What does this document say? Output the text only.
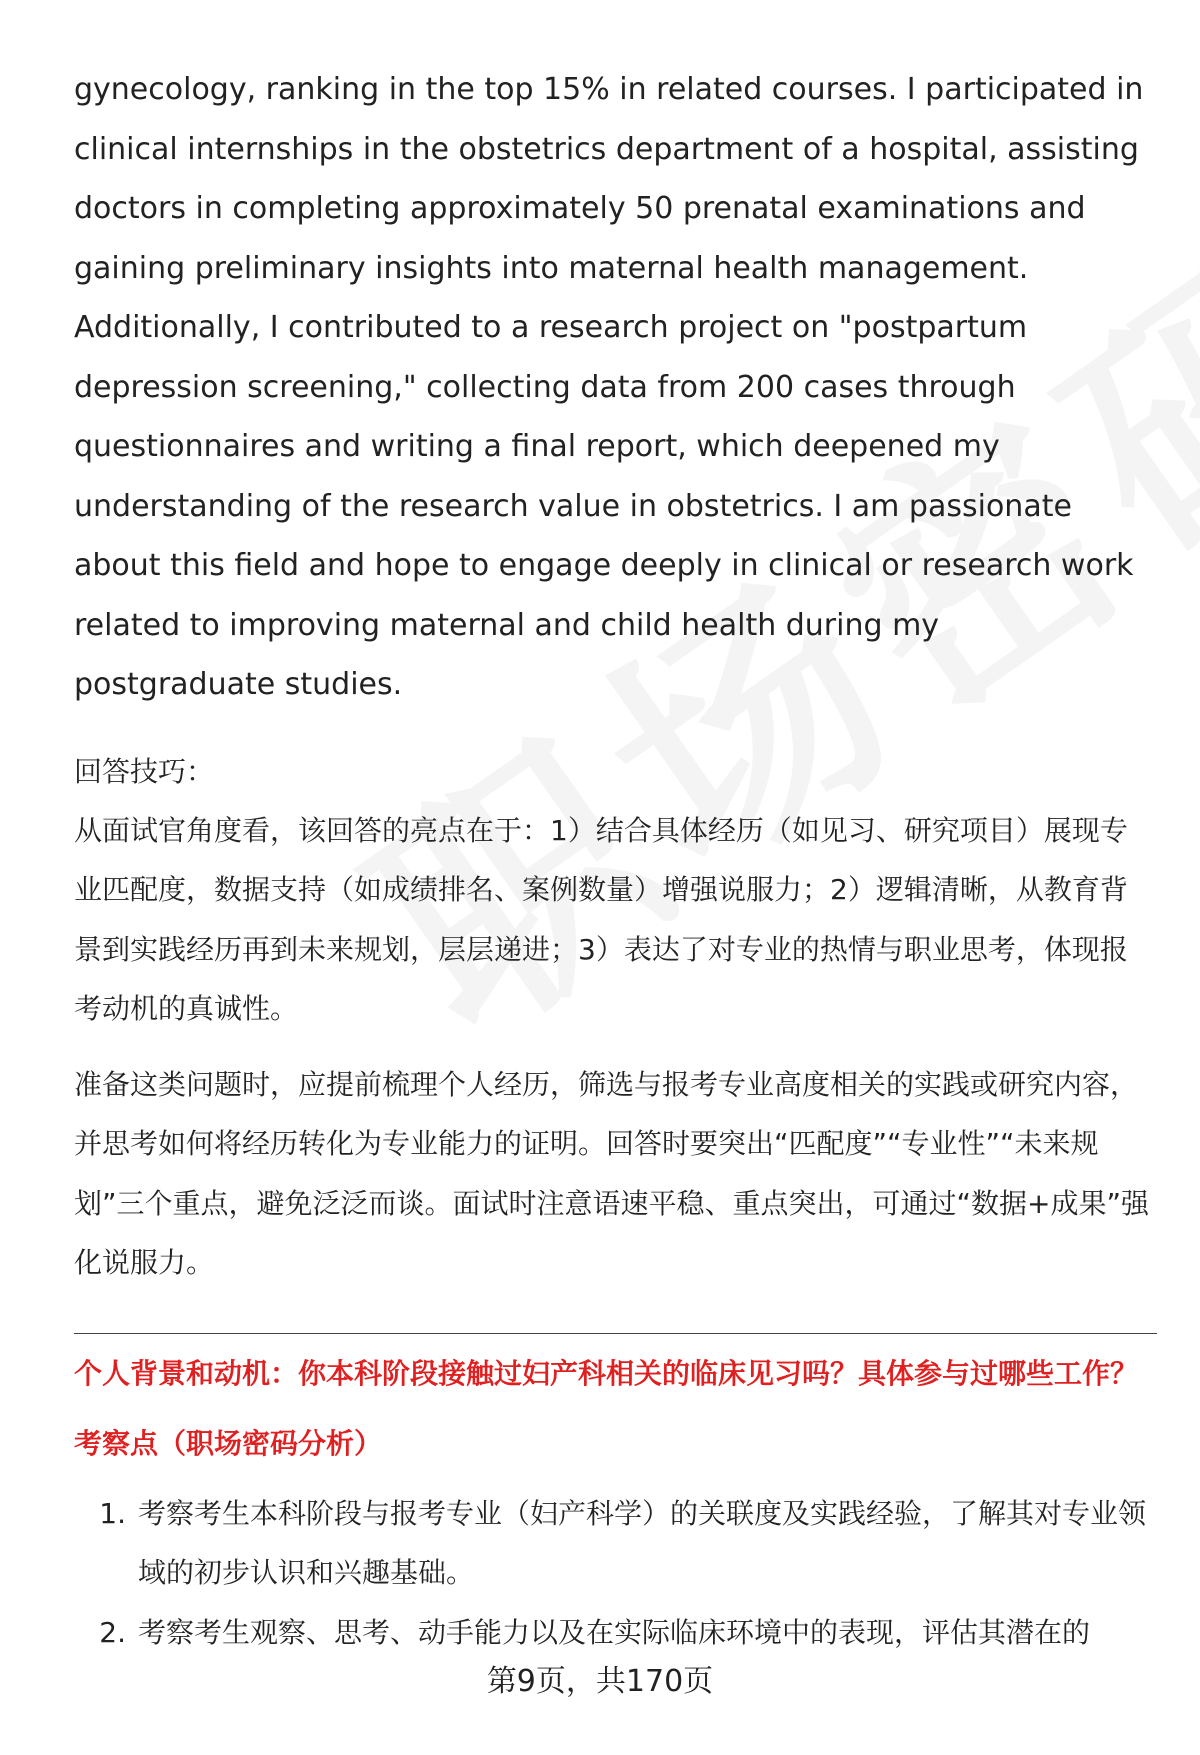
gynecology, ranking in the top 15% in related courses. I participated in clinical internships in the obstetrics department of a hospital, assisting doctors in completing approximately 50 prenatal examinations and gaining preliminary insights into maternal health management. Additionally, I contributed to a research project on "postpartum depression screening," collecting data from 200 cases through questionnaires and writing a final report, which deepened my understanding of the research value in obstetrics. I am passionate about this field and hope to engage deeply in clinical or research work related to improving maternal and child health during my postgraduate studies.

回答技巧：

从面试官角度看，该回答的亮点在于：1）结合具体经历（如见习、研究项目）展现专业匹配度，数据支持（如成绩排名、案例数量）增强说服力；2）逻辑清晰，从教育背景到实践经历再到未来规划，层层递进；3）表达了对专业的热情与职业思考，体现报考动机的真诚性。

准备这类问题时，应提前梳理个人经历，筛选与报考专业高度相关的实践或研究内容，并思考如何将经历转化为专业能力的证明。回答时要突出“匹配度”“专业性”“未来规划”三个重点，避免泛泛而谈。面试时注意语速平稳、重点突出，可通过“数据+成果”强化说服力。

个人背景和动机：你本科阶段接触过妇产科相关的临床见习吗？具体参与过哪些工作？

考察点（职场密码分析）

1. 考察考生本科阶段与报考专业（妇产科学）的关联度及实践经验，了解其对专业领域的初步认识和兴趣基础。
2. 考察考生观察、思考、动手能力以及在实际临床环境中的表现，评估其潜在的
第9页，共170页
